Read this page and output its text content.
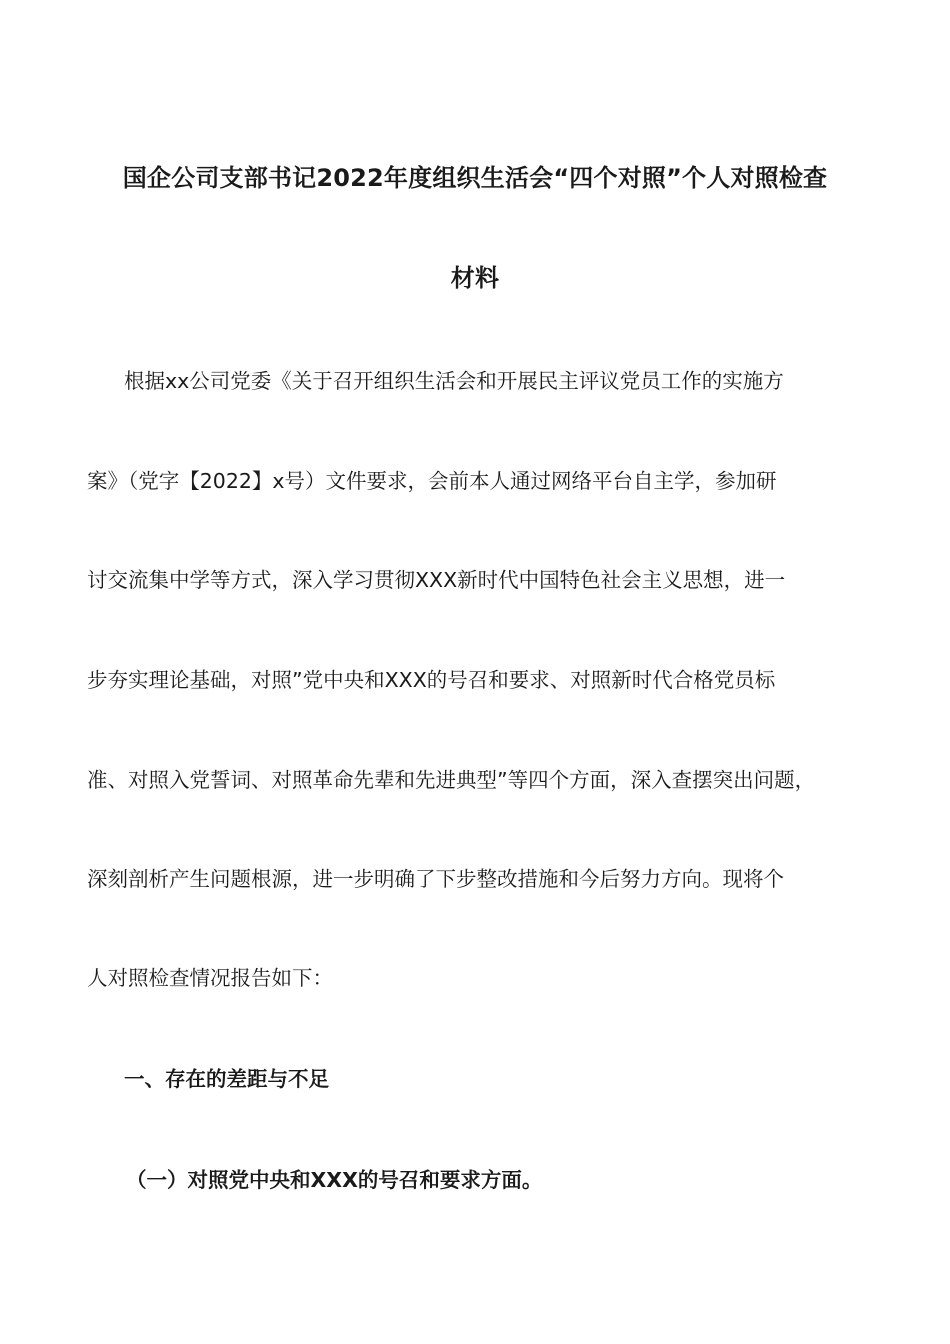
国企公司支部书记2022年度组织生活会“四个对照”个人对照检查
材料
根据xx公司党委《关于召开组织生活会和开展民主评议党员工作的实施方
案》（党字【2022】x号）文件要求，会前本人通过网络平台自主学，参加研
讨交流集中学等方式，深入学习贯彻XXX新时代中国特色社会主义思想，进一
步夯实理论基础，对照”党中央和XXX的号召和要求、对照新时代合格党员标
准、对照入党誓词、对照革命先辈和先进典型”等四个方面，深入查摆突出问题，
深刻剖析产生问题根源，进一步明确了下步整改措施和今后努力方向。现将个
人对照检查情况报告如下：
一、存在的差距与不足
（一）对照党中央和XXX的号召和要求方面。
